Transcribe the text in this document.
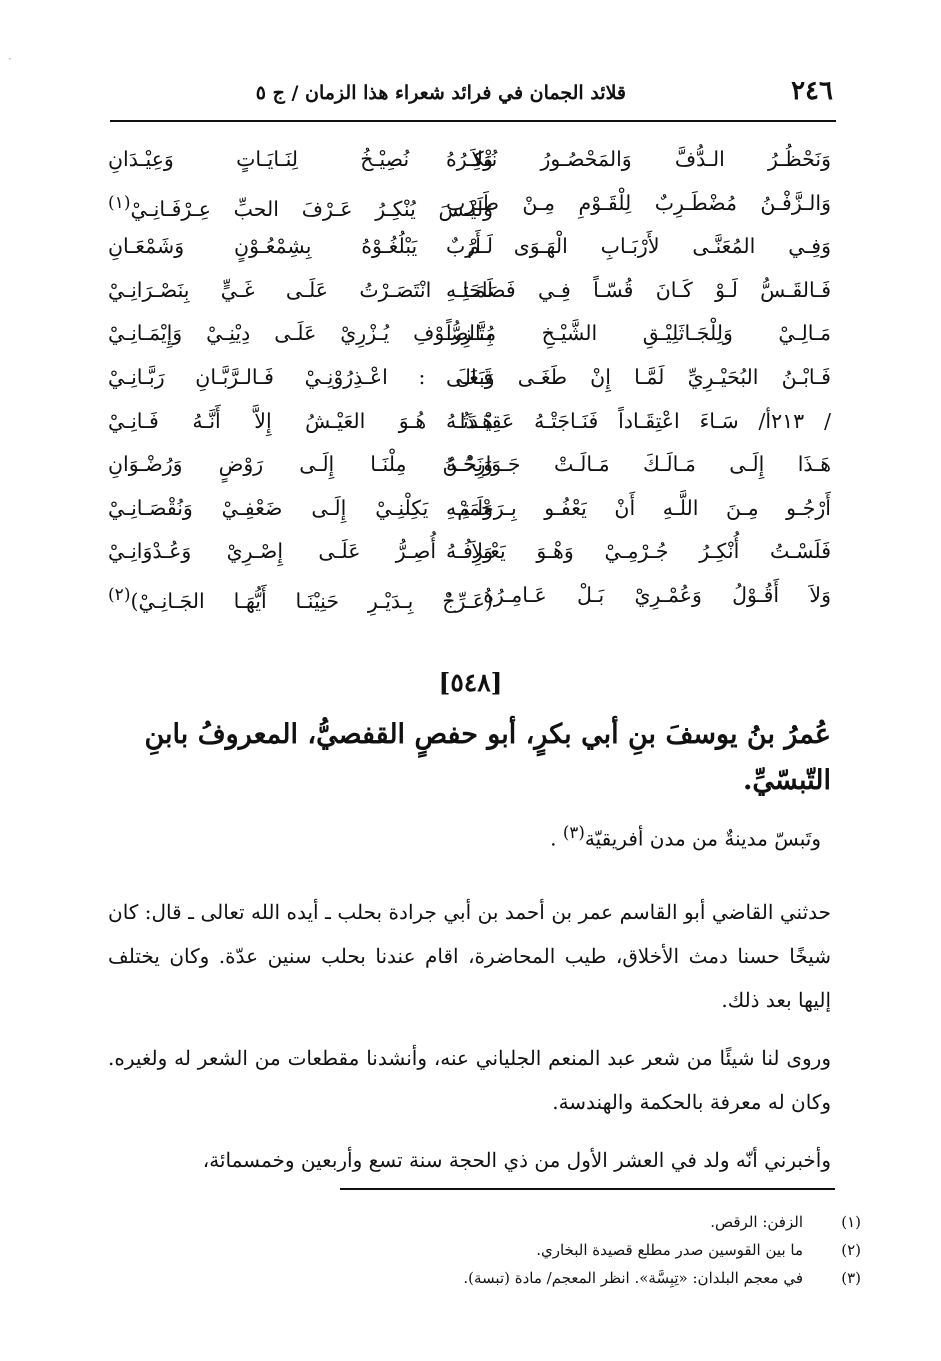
·
٢٤٦
قلائد الجمان في فرائد شعراء هذا الزمان / ج ٥
وَنَحْظُـرُ الـدُّفَّ وَالمَحْصُـورُ نُنْكِـرُهُ
وَالـزَّفْـنُ مُضْطَـرِبٌ لِلْقَـوْمِ مِـنْ طَـرَبِ
وَفِـي المُعَنَّـى لأَرْبَـابِ الْهَـوَى أَرَبٌ
فَـالقَـسُّ لَـوْ كَـانَ قُسّـاً فِـي فَصَاحَتِـهِ
مَـالِـيْ وَلِلْجَـاثَلِيْـقِ الشَّيْـخِ مُتَّـزِراً
فَـابْـنُ البُحَيْـرِيِّ لَمَّـا إِنْ طَغَـى وَبَغَـى
/ ٢١٣أ/ سَـاءَ اعْتِقَـاداً فَنَـاجَتْـهُ عَقِيْـدَتُـهُ
هَـذَا إِلَـى مَـالَـكَ مَـالَـتْ جَـوَارِحُـهُ
أَرْجُـو مِـنَ اللَّـهِ أَنْ يَعْفُـو بِـرَحْمَتِـهِ
فَلَسْـتُ أُنْكِـرُ جُـرْمِـيْ وَهْـوَ يَعْـرِفُـهُ
وَلاَ أَقُـوْلُ وَعُمْـرِيْ بَـلْ عَـامِـرُهُ :
وَلاَ نُصِيْـخُ لِنَـايَـاتٍ وَعِيْـدَانِ
وَلَيْـسَ يُنْكِـرُ عَـرْفَ الحبِّ عِـرْفَـانِـيْ$^{(١)}$
لَـمْ يَبْلُغُـوْهُ بِشِمْعُـوْنٍ وَشَمْعَـانِ
لَمَـا انْتَصَـرْتُ عَلَـى غَـيٍّ بِنَصْـرَانِـيْ
بِـالصُّـوْفِ يُـزْرِيْ عَلَـى دِيْنِـيْ وَإِيْمَـانِـيْ
قَـالَ : اعْـذِرُوْنِـيْ فَـالـرَّبَّـانِ رَبَّـانِـيْ
هَـذَا هُـوَ العَيْـشُ إِلاَّ أَنَّـهُ فَـانِـيْ
وَنَحْـنُ مِلْنَـا إِلَـى رَوْضٍ وَرُضْـوَانِ
وَلَـمْ يَكِلْنِـيْ إِلَـى ضَعْفِـيْ وَنُقْصَـانِـيْ
وَلاَ أُصِـرُّ عَلَـى إِصْـرِيْ وَعُـدْوَانِـيْ
(عَـرِّجْ بِـدَيْـرِ حَنِيْنَـا أَيُّهَـا الجَـانِـيْ)$^{(٢)}$
[٥٤٨]
عُمرُ بنُ يوسفَ بنِ أبي بكرٍ، أبو حفصٍ القفصيُّ، المعروفُ بابنِ التّبسّيِّ.
وتَبسّ مدينةٌ من مدن أفريقيّة$^{(٣)}$ .

حدثني القاضي أبو القاسم عمر بن أحمد بن أبي جرادة بحلب ـ أيده الله تعالى ـ قال: كان شيخًا حسنا دمث الأخلاق، طيب المحاضرة، اقام عندنا بحلب سنين عدّة. وكان يختلف إليها بعد ذلك.

وروى لنا شيئًا من شعر عبد المنعم الجلياني عنه، وأنشدنا مقطعات من الشعر له ولغيره. وكان له معرفة بالحكمة والهندسة.

وأخبرني أنّه ولد في العشر الأول من ذي الحجة سنة تسع وأربعين وخمسمائة،

(١)الزفن: الرقص.
(٢)ما بين القوسين صدر مطلع قصيدة البخاري.
(٣)في معجم البلدان: «تِبِسَّة». انظر المعجم/ مادة (تبسة).
